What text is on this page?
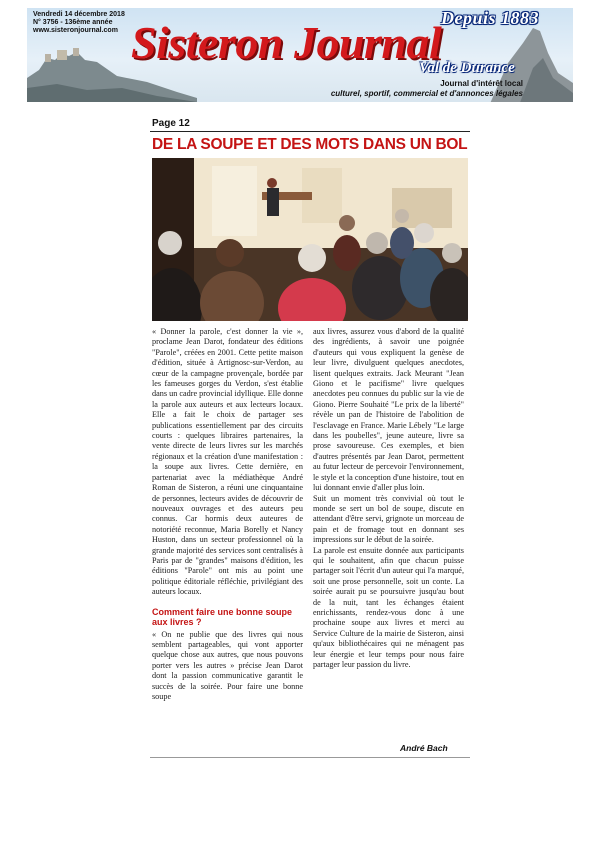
Vendredi 14 décembre 2018
N° 3756 - 136ème année
www.sisteronjournal.com
Depuis 1883
Sisteron Journal
Val de Durance
Journal d'intérêt local
culturel, sportif, commercial et d'annonces légales
Page 12
DE LA SOUPE ET DES MOTS DANS UN BOL

« Donner la parole, c'est donner la vie », proclame Jean Darot, fondateur des éditions "Parole", créées en 2001. Cette petite maison d'édition, située à Artignosc-sur-Verdon, au cœur de la campagne provençale, bordée par les fameuses gorges du Verdon, s'est établie dans un cadre provincial idyllique. Elle donne la parole aux auteurs et aux lecteurs locaux. Elle a fait le choix de partager ses publications essentiellement par des circuits courts : quelques libraires partenaires, la vente directe de leurs livres sur les marchés régionaux et la création d'une manifestation : la soupe aux livres. Cette dernière, en partenariat avec la médiathèque André Roman de Sisteron, a réuni une cinquantaine de personnes, lecteurs avides de découvrir de nouveaux ouvrages et des auteurs peu connus. Car hormis deux auteures de notoriété reconnue, Maria Borelly et Nancy Huston, dans un secteur professionnel où la grande majorité des services sont centralisés à Paris par de "grandes" maisons d'édition, les éditions "Parole" ont mis au point une politique éditoriale réfléchie, privilégiant des auteurs locaux.

Comment faire une bonne soupe aux livres ?

« On ne publie que des livres qui nous semblent partageables, qui vont apporter quelque chose aux autres, que nous pouvons porter vers les autres » précise Jean Darot dont la passion communicative garantit le succès de la soirée. Pour faire une bonne soupe

aux livres, assurez vous d'abord de la qualité des ingrédients, à savoir une poignée d'auteurs qui vous expliquent la genèse de leur livre, divulguent quelques anecdotes, lisent quelques extraits. Jack Meurant "Jean Giono et le pacifisme" livre quelques anecdotes peu connues du public sur la vie de Giono. Pierre Souhaité "Le prix de la liberté" révèle un pan de l'histoire de l'abolition de l'esclavage en France. Marie Lébely "Le large dans les poubelles", jeune auteure, livre sa prose savoureuse. Ces exemples, et bien d'autres présentés par Jean Darot, permettent au futur lecteur de percevoir l'environnement, le style et la conception d'une histoire, tout en lui donnant envie d'aller plus loin.

Suit un moment très convivial où tout le monde se sert un bol de soupe, discute en attendant d'être servi, grignote un morceau de pain et de fromage tout en donnant ses impressions sur le début de la soirée.

La parole est ensuite donnée aux participants qui le souhaitent, afin que chacun puisse partager soit l'écrit d'un auteur qui l'a marqué, soit une prose personnelle, soit un conte. La soirée aurait pu se poursuivre jusqu'au bout de la nuit, tant les échanges étaient enrichissants, rendez-vous donc à une prochaine soupe aux livres et merci au Service Culture de la mairie de Sisteron, ainsi qu'aux bibliothécaires qui ne ménagent pas leur énergie et leur temps pour nous faire partager leur passion du livre.

André Bach
